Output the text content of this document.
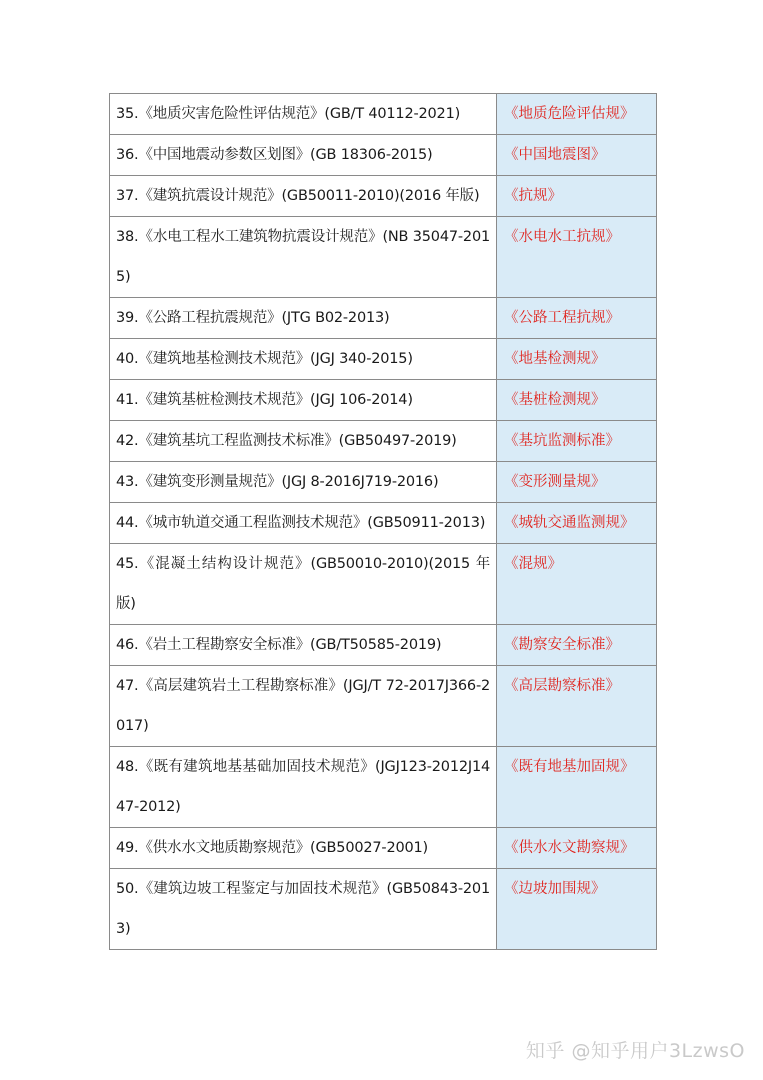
35.《地质灾害危险性评估规范》(GB/T 40112-2021)	《地质危险评估规》
36.《中国地震动参数区划图》(GB 18306-2015)	《中国地震图》
37.《建筑抗震设计规范》(GB50011-2010)(2016 年版)	《抗规》
38.《水电工程水工建筑物抗震设计规范》(NB 35047-2015)	《水电水工抗规》
39.《公路工程抗震规范》(JTG B02-2013)	《公路工程抗规》
40.《建筑地基检测技术规范》(JGJ 340-2015)	《地基检测规》
41.《建筑基桩检测技术规范》(JGJ 106-2014)	《基桩检测规》
42.《建筑基坑工程监测技术标准》(GB50497-2019)	《基坑监测标准》
43.《建筑变形测量规范》(JGJ 8-2016J719-2016)	《变形测量规》
44.《城市轨道交通工程监测技术规范》(GB50911-2013)	《城轨交通监测规》
45.《混凝土结构设计规范》(GB50010-2010)(2015 年版)	《混规》
46.《岩土工程勘察安全标准》(GB/T50585-2019)	《勘察安全标准》
47.《高层建筑岩土工程勘察标准》(JGJ/T 72-2017J366-2017)	《高层勘察标准》
48.《既有建筑地基基础加固技术规范》(JGJ123-2012J1447-2012)	《既有地基加固规》
49.《供水水文地质勘察规范》(GB50027-2001)	《供水水文勘察规》
50.《建筑边坡工程鉴定与加固技术规范》(GB50843-2013)	《边坡加围规》
知乎 @知乎用户3LzwsO
